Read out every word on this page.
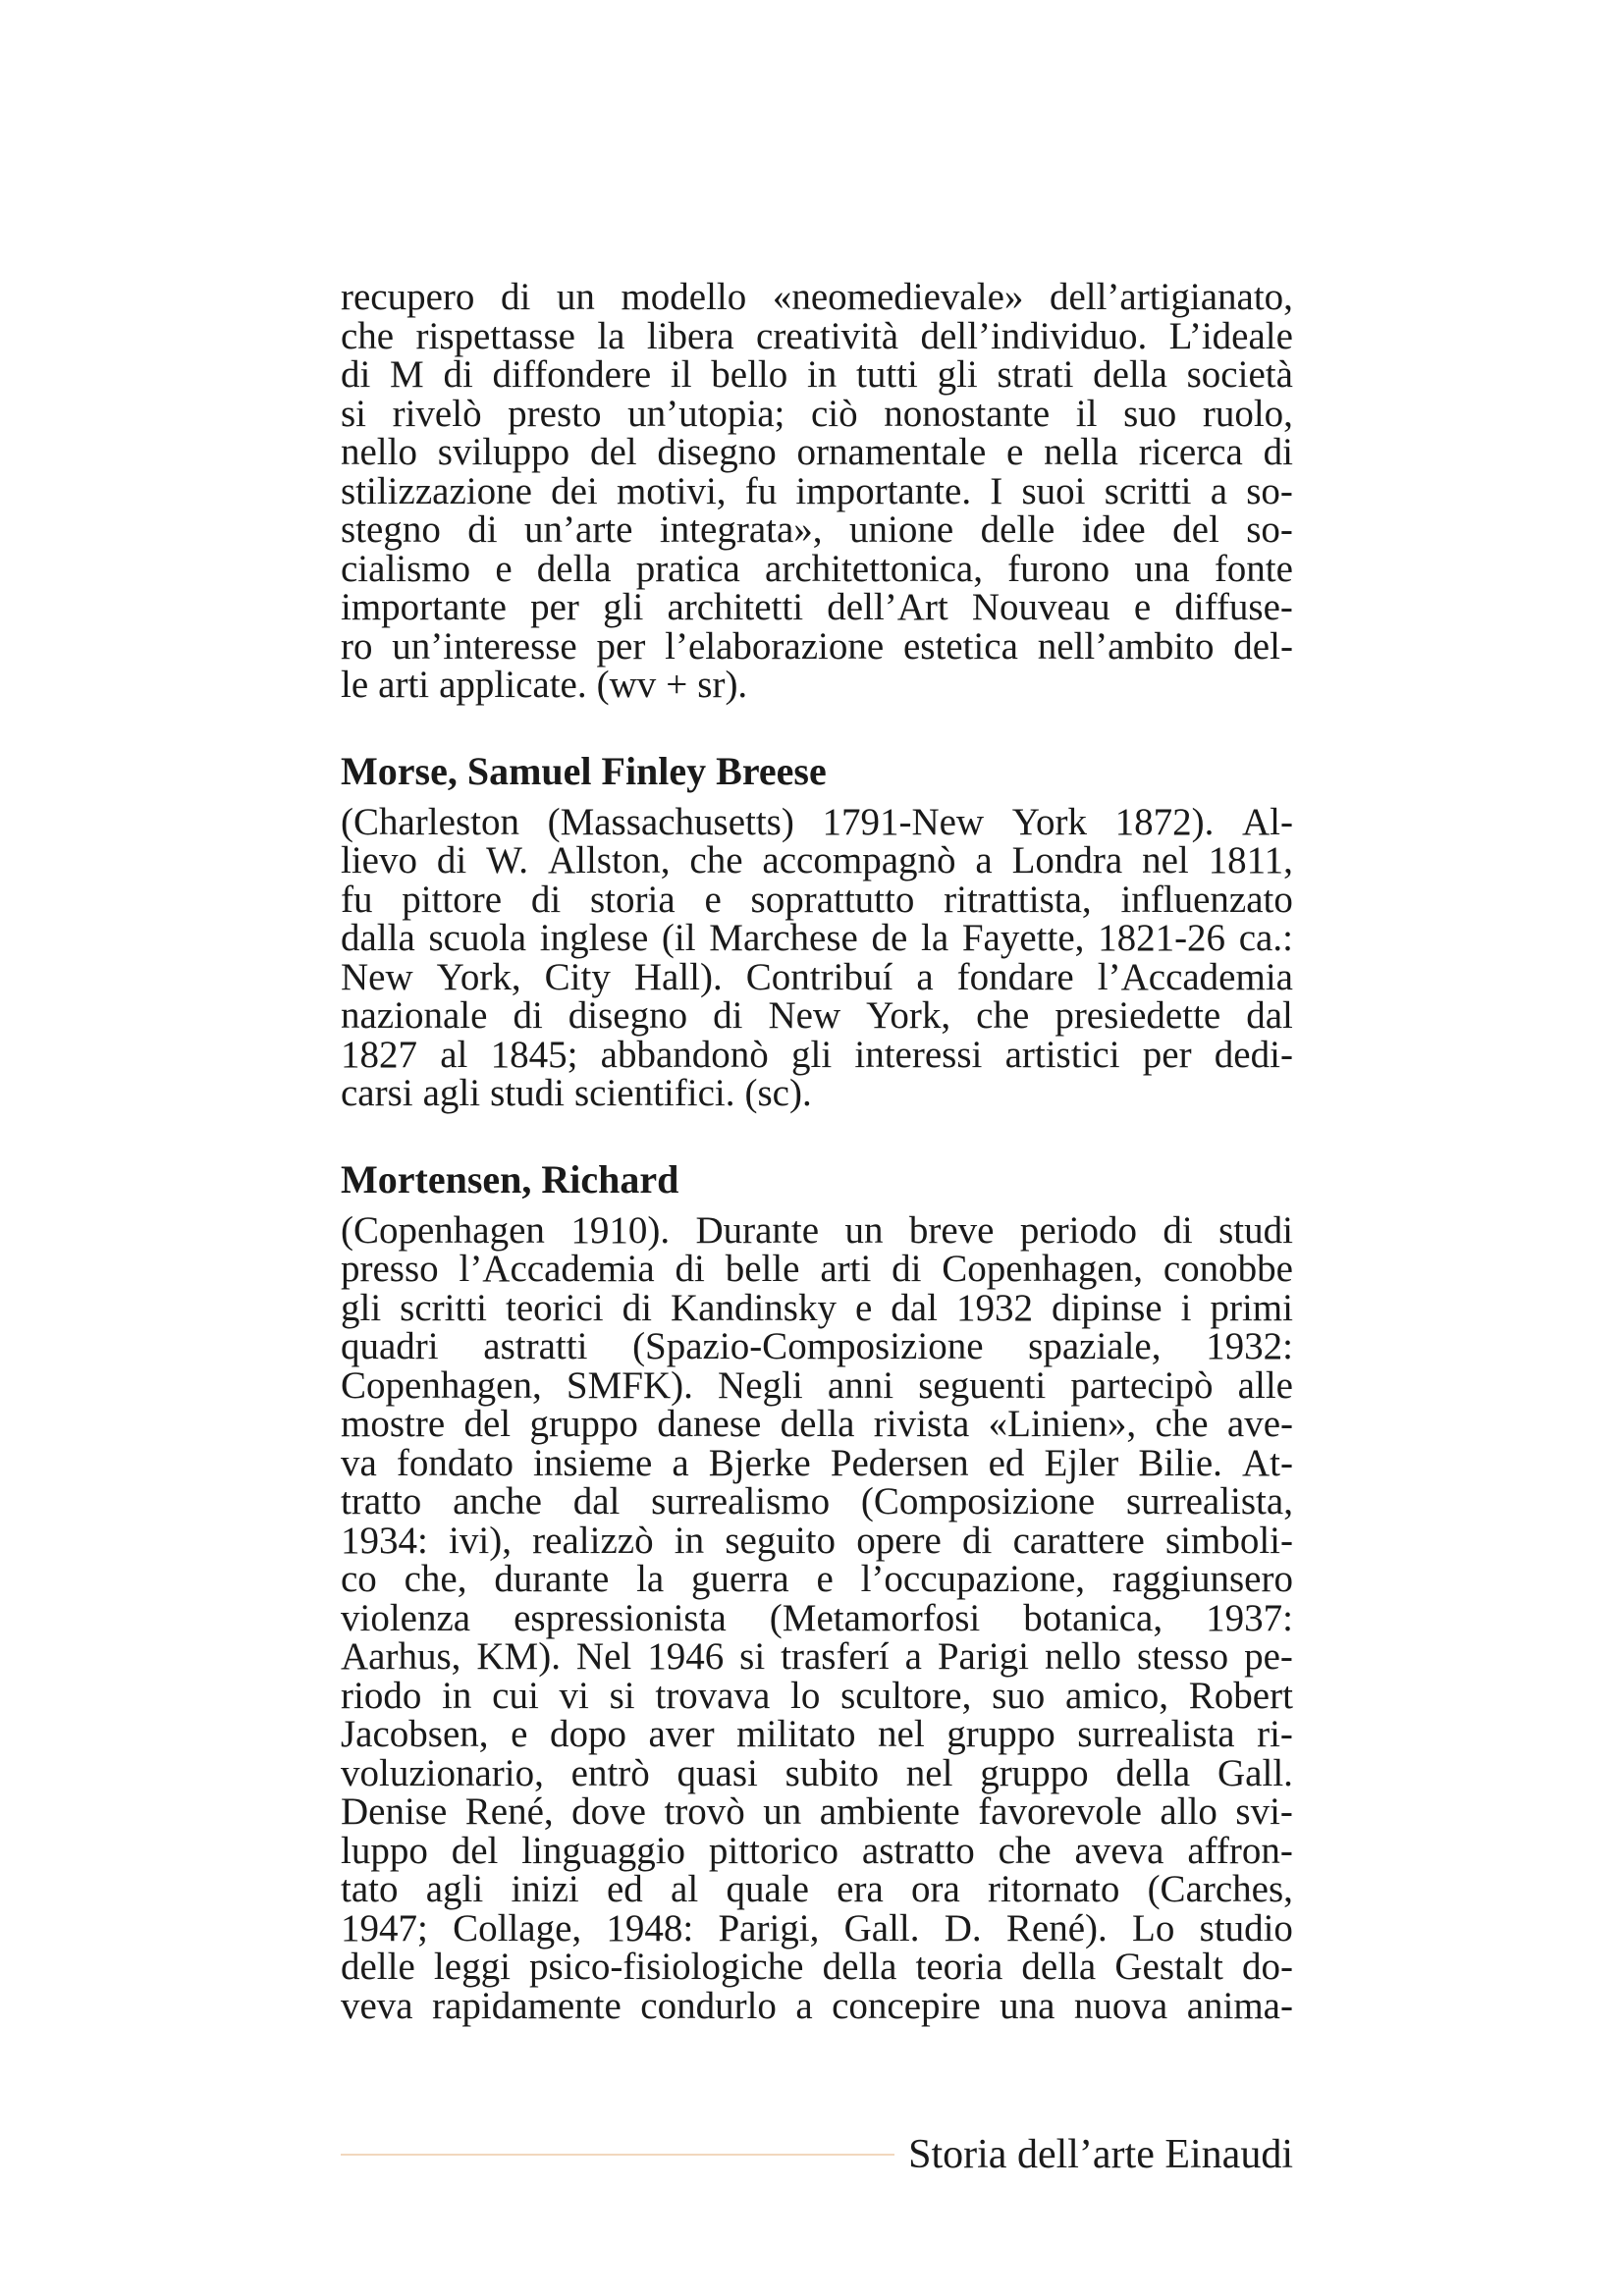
recupero di un modello «neomedievale» dell’artigianato,
che rispettasse la libera creatività dell’individuo. L’ideale
di M di diffondere il bello in tutti gli strati della società
si rivelò presto un’utopia; ciò nonostante il suo ruolo,
nello sviluppo del disegno ornamentale e nella ricerca di
stilizzazione dei motivi, fu importante. I suoi scritti a so-
stegno di un’arte integrata», unione delle idee del so-
cialismo e della pratica architettonica, furono una fonte
importante per gli architetti dell’Art Nouveau e diffuse-
ro un’interesse per l’elaborazione estetica nell’ambito del-
le arti applicate. (wv + sr).
Morse, Samuel Finley Breese
(Charleston (Massachusetts) 1791-New York 1872). Al-
lievo di W. Allston, che accompagnò a Londra nel 1811,
fu pittore di storia e soprattutto ritrattista, influenzato
dalla scuola inglese (il Marchese de la Fayette, 1821-26 ca.:
New York, City Hall). Contribuí a fondare l’Accademia
nazionale di disegno di New York, che presiedette dal
1827 al 1845; abbandonò gli interessi artistici per dedi-
carsi agli studi scientifici. (sc).
Mortensen, Richard
(Copenhagen 1910). Durante un breve periodo di studi
presso l’Accademia di belle arti di Copenhagen, conobbe
gli scritti teorici di Kandinsky e dal 1932 dipinse i primi
quadri astratti (Spazio-Composizione spaziale, 1932:
Copenhagen, SMFK). Negli anni seguenti partecipò alle
mostre del gruppo danese della rivista «Linien», che ave-
va fondato insieme a Bjerke Pedersen ed Ejler Bilie. At-
tratto anche dal surrealismo (Composizione surrealista,
1934: ivi), realizzò in seguito opere di carattere simboli-
co che, durante la guerra e l’occupazione, raggiunsero
violenza espressionista (Metamorfosi botanica, 1937:
Aarhus, KM). Nel 1946 si trasferí a Parigi nello stesso pe-
riodo in cui vi si trovava lo scultore, suo amico, Robert
Jacobsen, e dopo aver militato nel gruppo surrealista ri-
voluzionario, entrò quasi subito nel gruppo della Gall.
Denise René, dove trovò un ambiente favorevole allo svi-
luppo del linguaggio pittorico astratto che aveva affron-
tato agli inizi ed al quale era ora ritornato (Carches,
1947; Collage, 1948: Parigi, Gall. D. René). Lo studio
delle leggi psico-fisiologiche della teoria della Gestalt do-
veva rapidamente condurlo a concepire una nuova anima-
Storia dell’arte Einaudi
